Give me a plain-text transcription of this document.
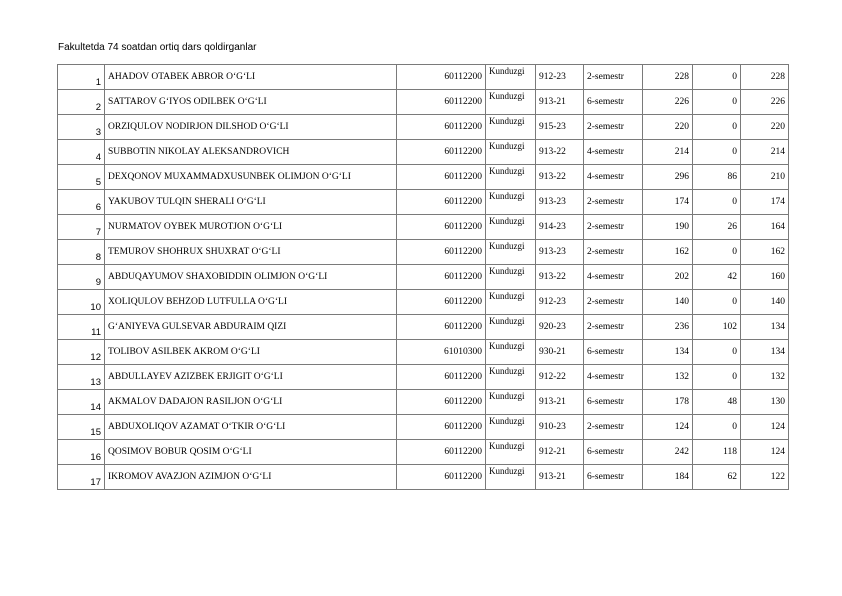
Fakultetda 74 soatdan ortiq dars qoldirganlar
1	AHADOV OTABEK ABROR O‘G‘LI	60112200	Kunduzgi	912-23	2-semestr	228	0	228
2	SATTAROV G‘IYOS ODILBEK O‘G‘LI	60112200	Kunduzgi	913-21	6-semestr	226	0	226
3	ORZIQULOV NODIRJON DILSHOD O‘G‘LI	60112200	Kunduzgi	915-23	2-semestr	220	0	220
4	SUBBOTIN NIKOLAY ALEKSANDROVICH	60112200	Kunduzgi	913-22	4-semestr	214	0	214
5	DEXQONOV MUXAMMADXUSUNBEK OLIMJON O‘G‘LI	60112200	Kunduzgi	913-22	4-semestr	296	86	210
6	YAKUBOV TULQIN SHERALI O‘G‘LI	60112200	Kunduzgi	913-23	2-semestr	174	0	174
7	NURMATOV OYBEK MUROTJON O‘G‘LI	60112200	Kunduzgi	914-23	2-semestr	190	26	164
8	TEMUROV SHOHRUX SHUXRAT O‘G‘LI	60112200	Kunduzgi	913-23	2-semestr	162	0	162
9	ABDUQAYUMOV SHAXOBIDDIN OLIMJON O‘G‘LI	60112200	Kunduzgi	913-22	4-semestr	202	42	160
10	XOLIQULOV BEHZOD LUTFULLA O‘G‘LI	60112200	Kunduzgi	912-23	2-semestr	140	0	140
11	G‘ANIYEVA GULSEVAR ABDURAIM QIZI	60112200	Kunduzgi	920-23	2-semestr	236	102	134
12	TOLIBOV ASILBEK AKROM O‘G‘LI	61010300	Kunduzgi	930-21	6-semestr	134	0	134
13	ABDULLAYEV AZIZBEK ERJIGIT O‘G‘LI	60112200	Kunduzgi	912-22	4-semestr	132	0	132
14	AKMALOV DADAJON RASILJON O‘G‘LI	60112200	Kunduzgi	913-21	6-semestr	178	48	130
15	ABDUXOLIQOV AZAMAT O‘TKIR O‘G‘LI	60112200	Kunduzgi	910-23	2-semestr	124	0	124
16	QOSIMOV BOBUR QOSIM O‘G‘LI	60112200	Kunduzgi	912-21	6-semestr	242	118	124
17	IKROMOV AVAZJON AZIMJON O‘G‘LI	60112200	Kunduzgi	913-21	6-semestr	184	62	122
